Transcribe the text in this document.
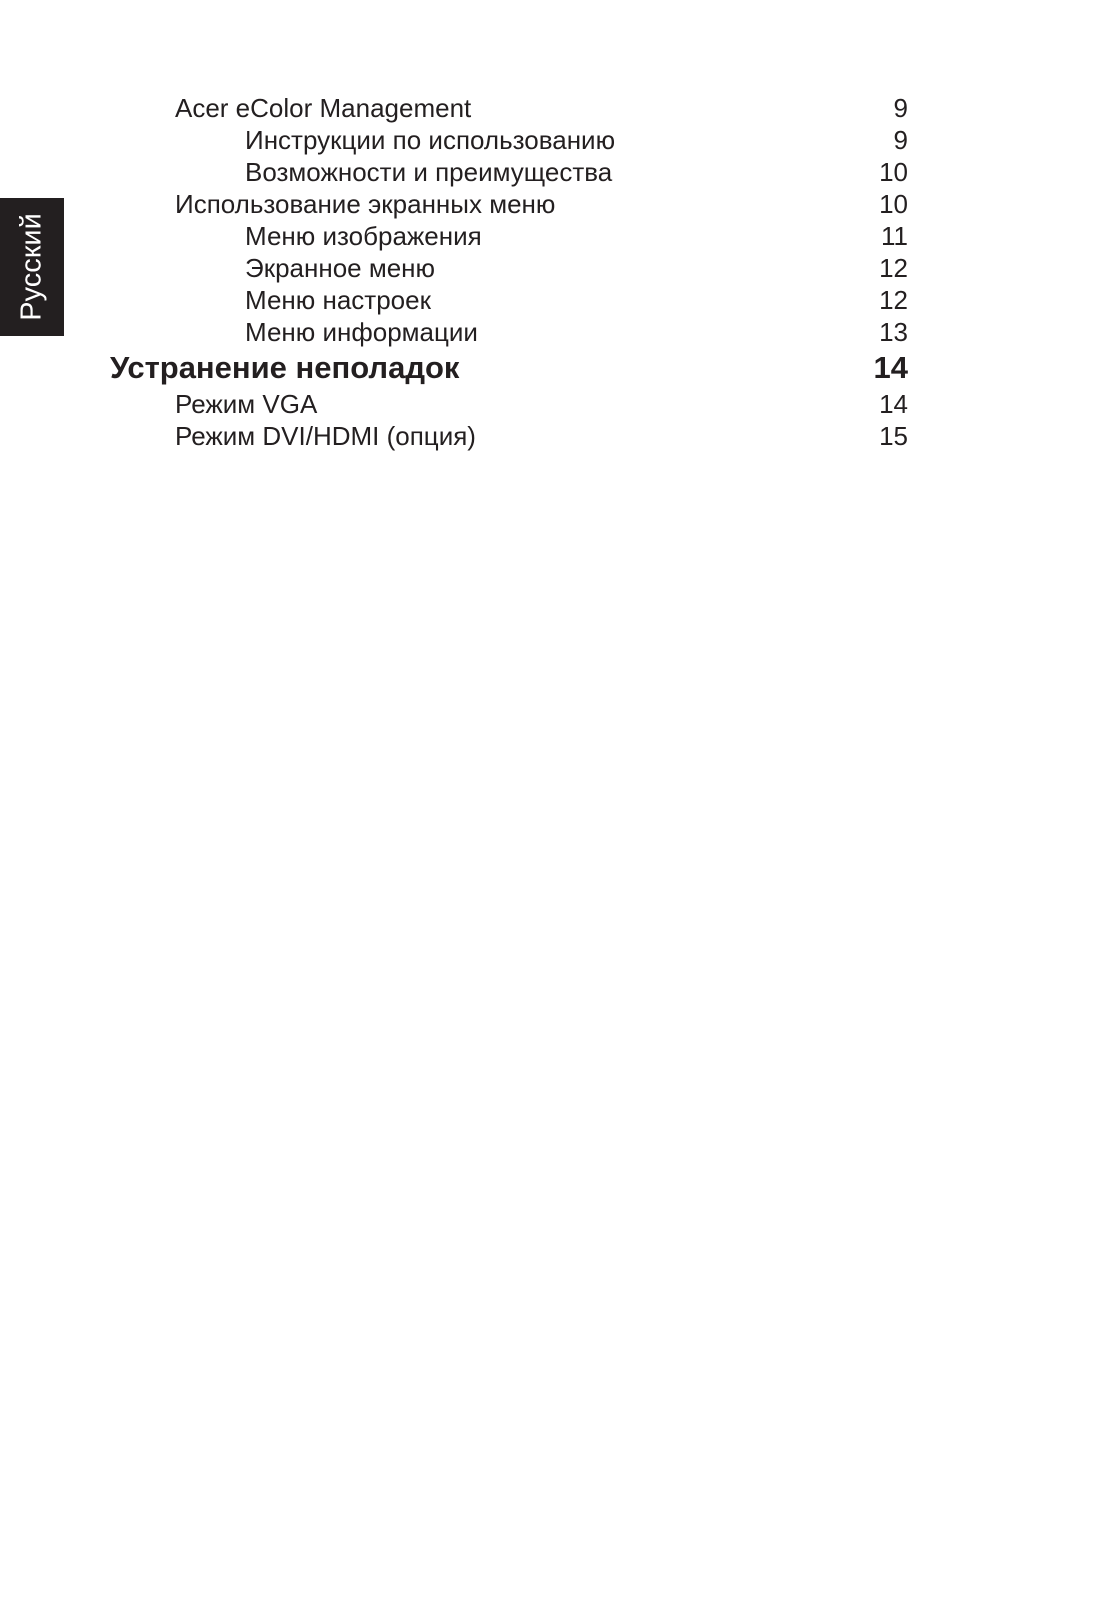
Русский
Acer eColor Management	9
Инструкции по использованию	9
Возможности и преимущества	10
Использование экранных меню	10
Меню изображения	11
Экранное меню	12
Меню настроек	12
Меню информации	13
Устранение неполадок	14
Режим VGA	14
Режим DVI/HDMI (опция)	15
